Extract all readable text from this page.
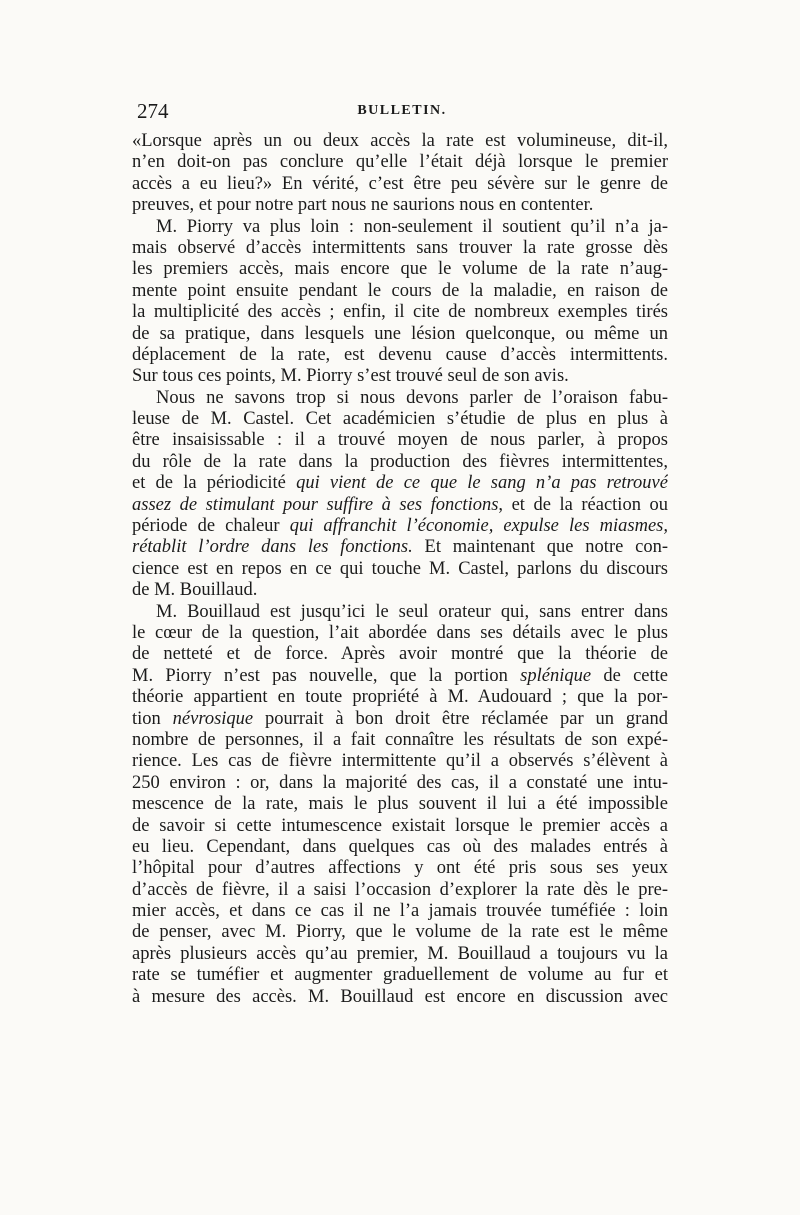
274	BULLETIN.
«Lorsque après un ou deux accès la rate est volumineuse, dit-il,
n’en doit-on pas conclure qu’elle l’était déjà lorsque le premier
accès a eu lieu?» En vérité, c’est être peu sévère sur le genre de
preuves, et pour notre part nous ne saurions nous en contenter.
M. Piorry va plus loin : non-seulement il soutient qu’il n’a ja-
mais observé d’accès intermittents sans trouver la rate grosse dès
les premiers accès, mais encore que le volume de la rate n’aug-
mente point ensuite pendant le cours de la maladie, en raison de
la multiplicité des accès ; enfin, il cite de nombreux exemples tirés
de sa pratique, dans lesquels une lésion quelconque, ou même un
déplacement de la rate, est devenu cause d’accès intermittents.
Sur tous ces points, M. Piorry s’est trouvé seul de son avis.
Nous ne savons trop si nous devons parler de l’oraison fabu-
leuse de M. Castel. Cet académicien s’étudie de plus en plus à
être insaisissable : il a trouvé moyen de nous parler, à propos
du rôle de la rate dans la production des fièvres intermittentes,
et de la périodicité qui vient de ce que le sang n’a pas retrouvé
assez de stimulant pour suffire à ses fonctions, et de la réaction ou
période de chaleur qui affranchit l’économie, expulse les miasmes,
rétablit l’ordre dans les fonctions. Et maintenant que notre con-
cience est en repos en ce qui touche M. Castel, parlons du discours
de M. Bouillaud.
M. Bouillaud est jusqu’ici le seul orateur qui, sans entrer dans
le cœur de la question, l’ait abordée dans ses détails avec le plus
de netteté et de force. Après avoir montré que la théorie de
M. Piorry n’est pas nouvelle, que la portion splénique de cette
théorie appartient en toute propriété à M. Audouard ; que la por-
tion névrosique pourrait à bon droit être réclamée par un grand
nombre de personnes, il a fait connaître les résultats de son expé-
rience. Les cas de fièvre intermittente qu’il a observés s’élèvent à
250 environ : or, dans la majorité des cas, il a constaté une intu-
mescence de la rate, mais le plus souvent il lui a été impossible
de savoir si cette intumescence existait lorsque le premier accès a
eu lieu. Cependant, dans quelques cas où des malades entrés à
l’hôpital pour d’autres affections y ont été pris sous ses yeux
d’accès de fièvre, il a saisi l’occasion d’explorer la rate dès le pre-
mier accès, et dans ce cas il ne l’a jamais trouvée tuméfiée : loin
de penser, avec M. Piorry, que le volume de la rate est le même
après plusieurs accès qu’au premier, M. Bouillaud a toujours vu la
rate se tuméfier et augmenter graduellement de volume au fur et
à mesure des accès. M. Bouillaud est encore en discussion avec
